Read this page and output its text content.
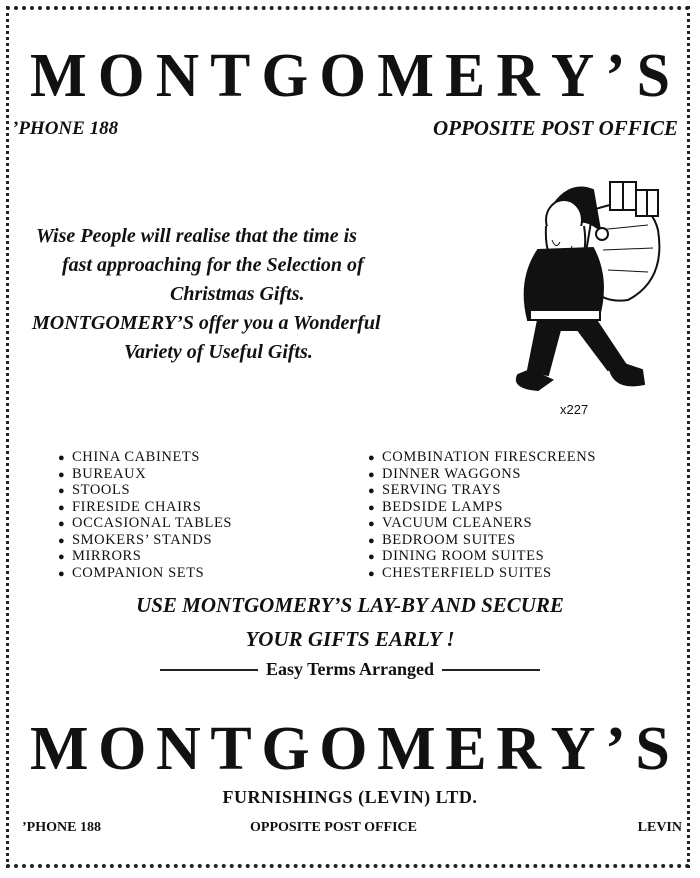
M O N T G O M E R Y ’ S
’PHONE 188	OPPOSITE POST OFFICE
Wise People will realise that the time is
fast approaching for the Selection of
Christmas Gifts.
MONTGOMERY’S offer you a Wonderful
Variety of Useful Gifts.
x227
● CHINA CABINETS
● BUREAUX
● STOOLS
● FIRESIDE CHAIRS
● OCCASIONAL TABLES
● SMOKERS’ STANDS
● MIRRORS
● COMPANION SETS
● COMBINATION FIRESCREENS
● DINNER WAGGONS
● SERVING TRAYS
● BEDSIDE LAMPS
● VACUUM CLEANERS
● BEDROOM SUITES
● DINING ROOM SUITES
● CHESTERFIELD SUITES
USE MONTGOMERY’S LAY-BY AND SECURE
YOUR GIFTS EARLY !
Easy Terms Arranged
M O N T G O M E R Y ’ S
FURNISHINGS (LEVIN) LTD.
’PHONE 188	OPPOSITE POST OFFICE	LEVIN
